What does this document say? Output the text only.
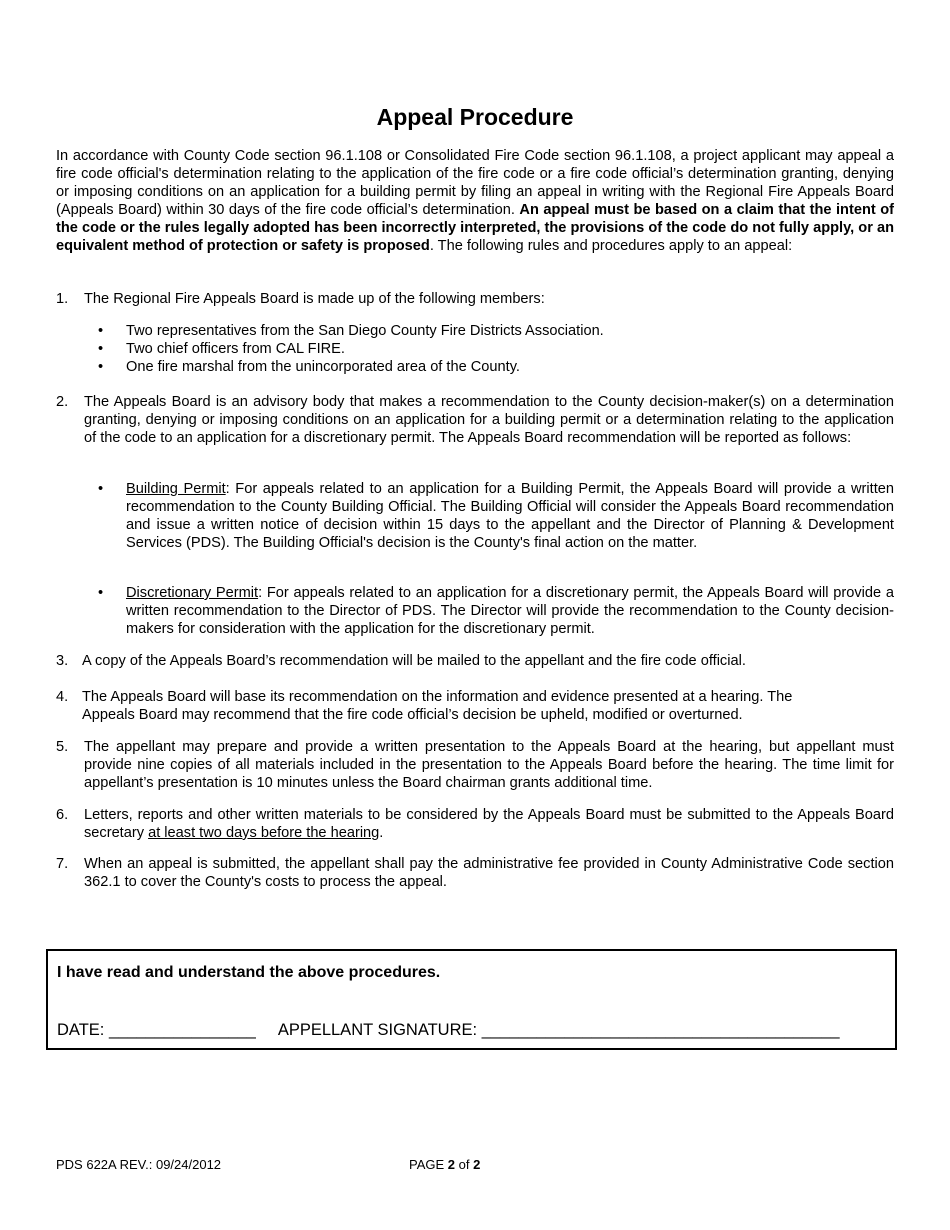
Appeal Procedure

In accordance with County Code section 96.1.108 or Consolidated Fire Code section 96.1.108, a project applicant may appeal a fire code official's determination relating to the application of the fire code or a fire code official’s determination granting, denying or imposing conditions on an application for a building permit by filing an appeal in writing with the Regional Fire Appeals Board (Appeals Board) within 30 days of the fire code official’s determination. An appeal must be based on a claim that the intent of the code or the rules legally adopted has been incorrectly interpreted, the provisions of the code do not fully apply, or an equivalent method of protection or safety is proposed. The following rules and procedures apply to an appeal:

1. The Regional Fire Appeals Board is made up of the following members:

• Two representatives from the San Diego County Fire Districts Association.

• Two chief officers from CAL FIRE.

• One fire marshal from the unincorporated area of the County.

2. The Appeals Board is an advisory body that makes a recommendation to the County decision-maker(s) on a determination granting, denying or imposing conditions on an application for a building permit or a determination relating to the application of the code to an application for a discretionary permit. The Appeals Board recommendation will be reported as follows:

• Building Permit: For appeals related to an application for a Building Permit, the Appeals Board will provide a written recommendation to the County Building Official. The Building Official will consider the Appeals Board recommendation and issue a written notice of decision within 15 days to the appellant and the Director of Planning & Development Services (PDS). The Building Official's decision is the County's final action on the matter.

• Discretionary Permit: For appeals related to an application for a discretionary permit, the Appeals Board will provide a written recommendation to the Director of PDS. The Director will provide the recommendation to the County decision-makers for consideration with the application for the discretionary permit.

3. A copy of the Appeals Board’s recommendation will be mailed to the appellant and the fire code official.
4. The Appeals Board will base its recommendation on the information and evidence presented at a hearing. The
Appeals Board may recommend that the fire code official’s decision be upheld, modified or overturned.
5. The appellant may prepare and provide a written presentation to the Appeals Board at the hearing, but appellant must provide nine copies of all materials included in the presentation to the Appeals Board before the hearing. The time limit for appellant’s presentation is 10 minutes unless the Board chairman grants additional time.
6. Letters, reports and other written materials to be considered by the Appeals Board must be submitted to the Appeals Board secretary at least two days before the hearing.
7. When an appeal is submitted, the appellant shall pay the administrative fee provided in County Administrative Code section 362.1 to cover the County's costs to process the appeal.
I have read and understand the above procedures.
DATE: ________________ APPELLANT SIGNATURE: _______________________________________
PDS 622A REV.: 09/24/2012	PAGE 2 of 2
